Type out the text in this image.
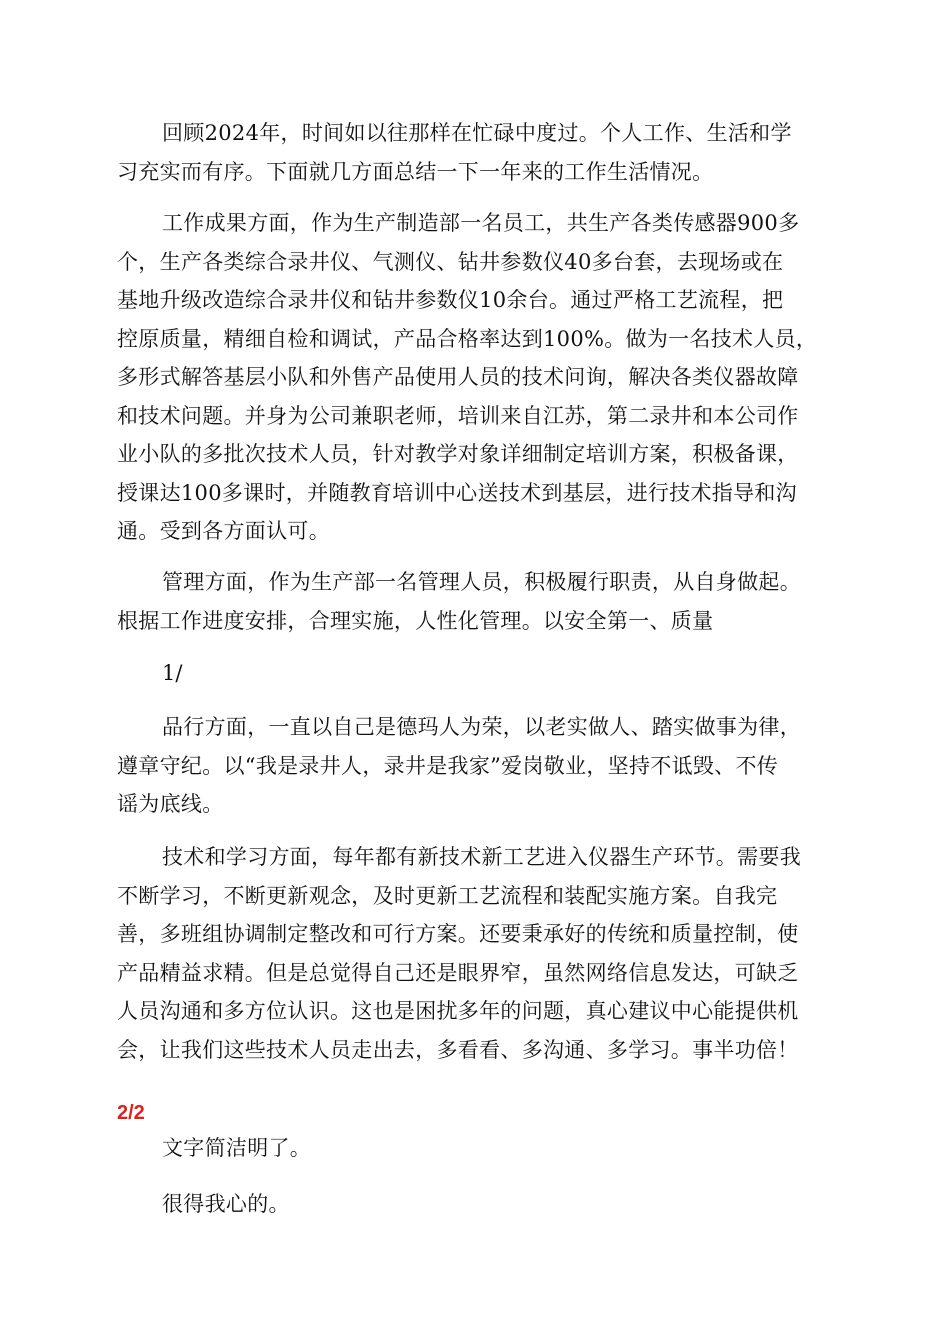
回顾2024年，时间如以往那样在忙碌中度过。个人工作、生活和学
习充实而有序。下面就几方面总结一下一年来的工作生活情况。

工作成果方面，作为生产制造部一名员工，共生产各类传感器900多
个，生产各类综合录井仪、气测仪、钻井参数仪40多台套，去现场或在
基地升级改造综合录井仪和钻井参数仪10余台。通过严格工艺流程，把
控原质量，精细自检和调试，产品合格率达到100%。做为一名技术人员，
多形式解答基层小队和外售产品使用人员的技术问询，解决各类仪器故障
和技术问题。并身为公司兼职老师，培训来自江苏，第二录井和本公司作
业小队的多批次技术人员，针对教学对象详细制定培训方案，积极备课，
授课达100多课时，并随教育培训中心送技术到基层，进行技术指导和沟
通。受到各方面认可。

管理方面，作为生产部一名管理人员，积极履行职责，从自身做起。
根据工作进度安排，合理实施，人性化管理。以安全第一、质量

1/

品行方面，一直以自己是德玛人为荣，以老实做人、踏实做事为律，
遵章守纪。以“我是录井人，录井是我家”爱岗敬业，坚持不诋毁、不传
谣为底线。

技术和学习方面，每年都有新技术新工艺进入仪器生产环节。需要我
不断学习，不断更新观念，及时更新工艺流程和装配实施方案。自我完
善，多班组协调制定整改和可行方案。还要秉承好的传统和质量控制，使
产品精益求精。但是总觉得自己还是眼界窄，虽然网络信息发达，可缺乏
人员沟通和多方位认识。这也是困扰多年的问题，真心建议中心能提供机
会，让我们这些技术人员走出去，多看看、多沟通、多学习。事半功倍！

2/2

文字简洁明了。

很得我心的。
